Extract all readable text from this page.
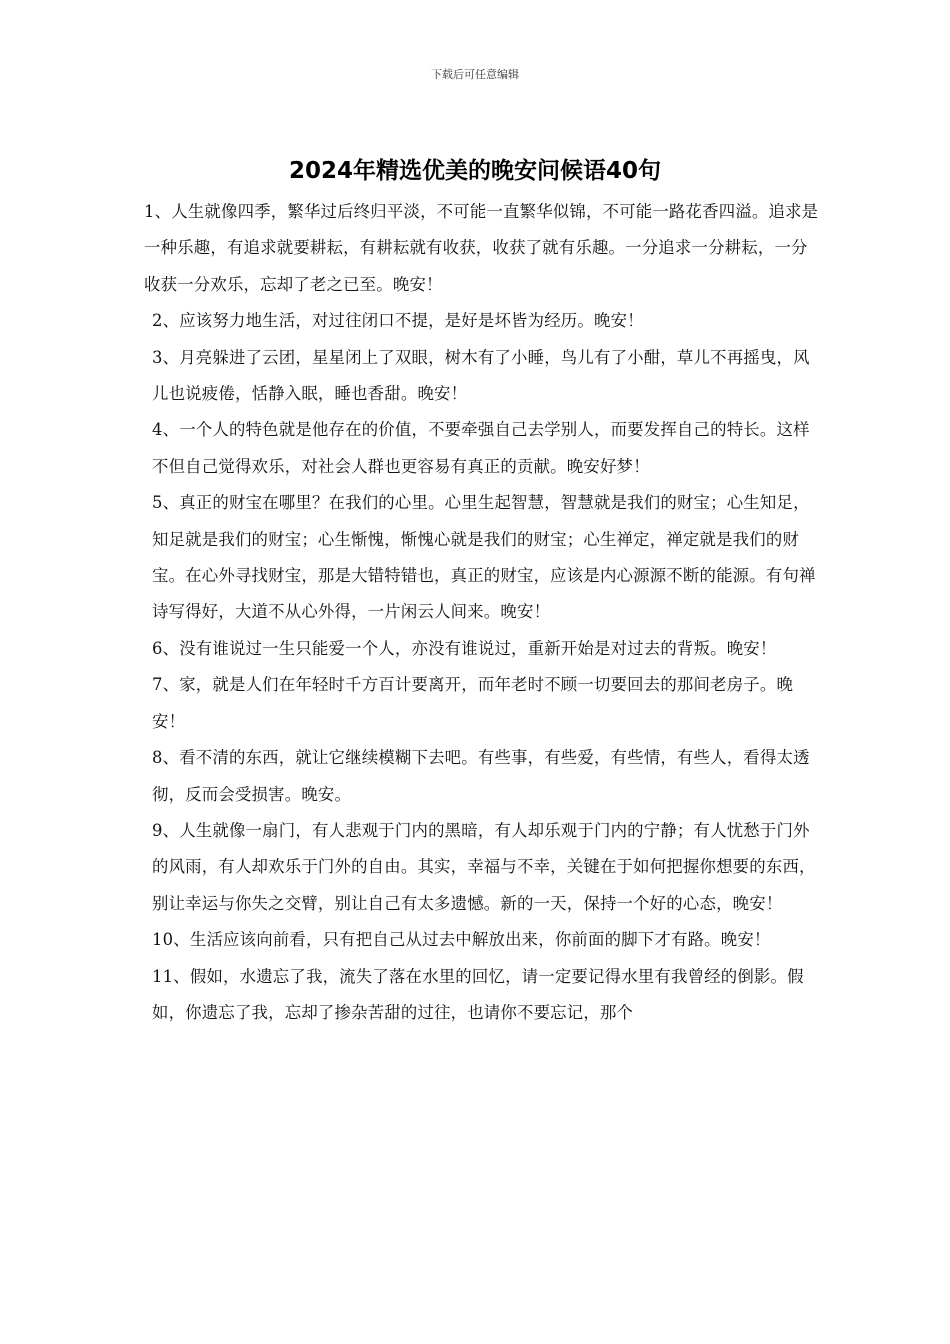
下载后可任意编辑
2024年精选优美的晚安问候语40句

1、人生就像四季，繁华过后终归平淡，不可能一直繁华似锦，不可能一路花香四溢。追求是一种乐趣，有追求就要耕耘，有耕耘就有收获，收获了就有乐趣。一分追求一分耕耘，一分收获一分欢乐，忘却了老之已至。晚安！

2、应该努力地生活，对过往闭口不提，是好是坏皆为经历。晚安！

3、月亮躲进了云团，星星闭上了双眼，树木有了小睡，鸟儿有了小酣，草儿不再摇曳，风儿也说疲倦，恬静入眠，睡也香甜。晚安！

4、一个人的特色就是他存在的价值，不要牵强自己去学别人，而要发挥自己的特长。这样不但自己觉得欢乐，对社会人群也更容易有真正的贡献。晚安好梦！

5、真正的财宝在哪里？在我们的心里。心里生起智慧，智慧就是我们的财宝；心生知足，知足就是我们的财宝；心生惭愧，惭愧心就是我们的财宝；心生禅定，禅定就是我们的财宝。在心外寻找财宝，那是大错特错也，真正的财宝，应该是内心源源不断的能源。有句禅诗写得好，大道不从心外得，一片闲云人间来。晚安！

6、没有谁说过一生只能爱一个人，亦没有谁说过，重新开始是对过去的背叛。晚安！

7、家，就是人们在年轻时千方百计要离开，而年老时不顾一切要回去的那间老房子。晚安！

8、看不清的东西，就让它继续模糊下去吧。有些事，有些爱，有些情，有些人，看得太透彻，反而会受损害。晚安。

9、人生就像一扇门，有人悲观于门内的黑暗，有人却乐观于门内的宁静；有人忧愁于门外的风雨，有人却欢乐于门外的自由。其实，幸福与不幸，关键在于如何把握你想要的东西，别让幸运与你失之交臂，别让自己有太多遗憾。新的一天，保持一个好的心态，晚安！

10、生活应该向前看，只有把自己从过去中解放出来，你前面的脚下才有路。晚安！

11、假如，水遗忘了我，流失了落在水里的回忆，请一定要记得水里有我曾经的倒影。假如，你遗忘了我，忘却了掺杂苦甜的过往，也请你不要忘记，那个
